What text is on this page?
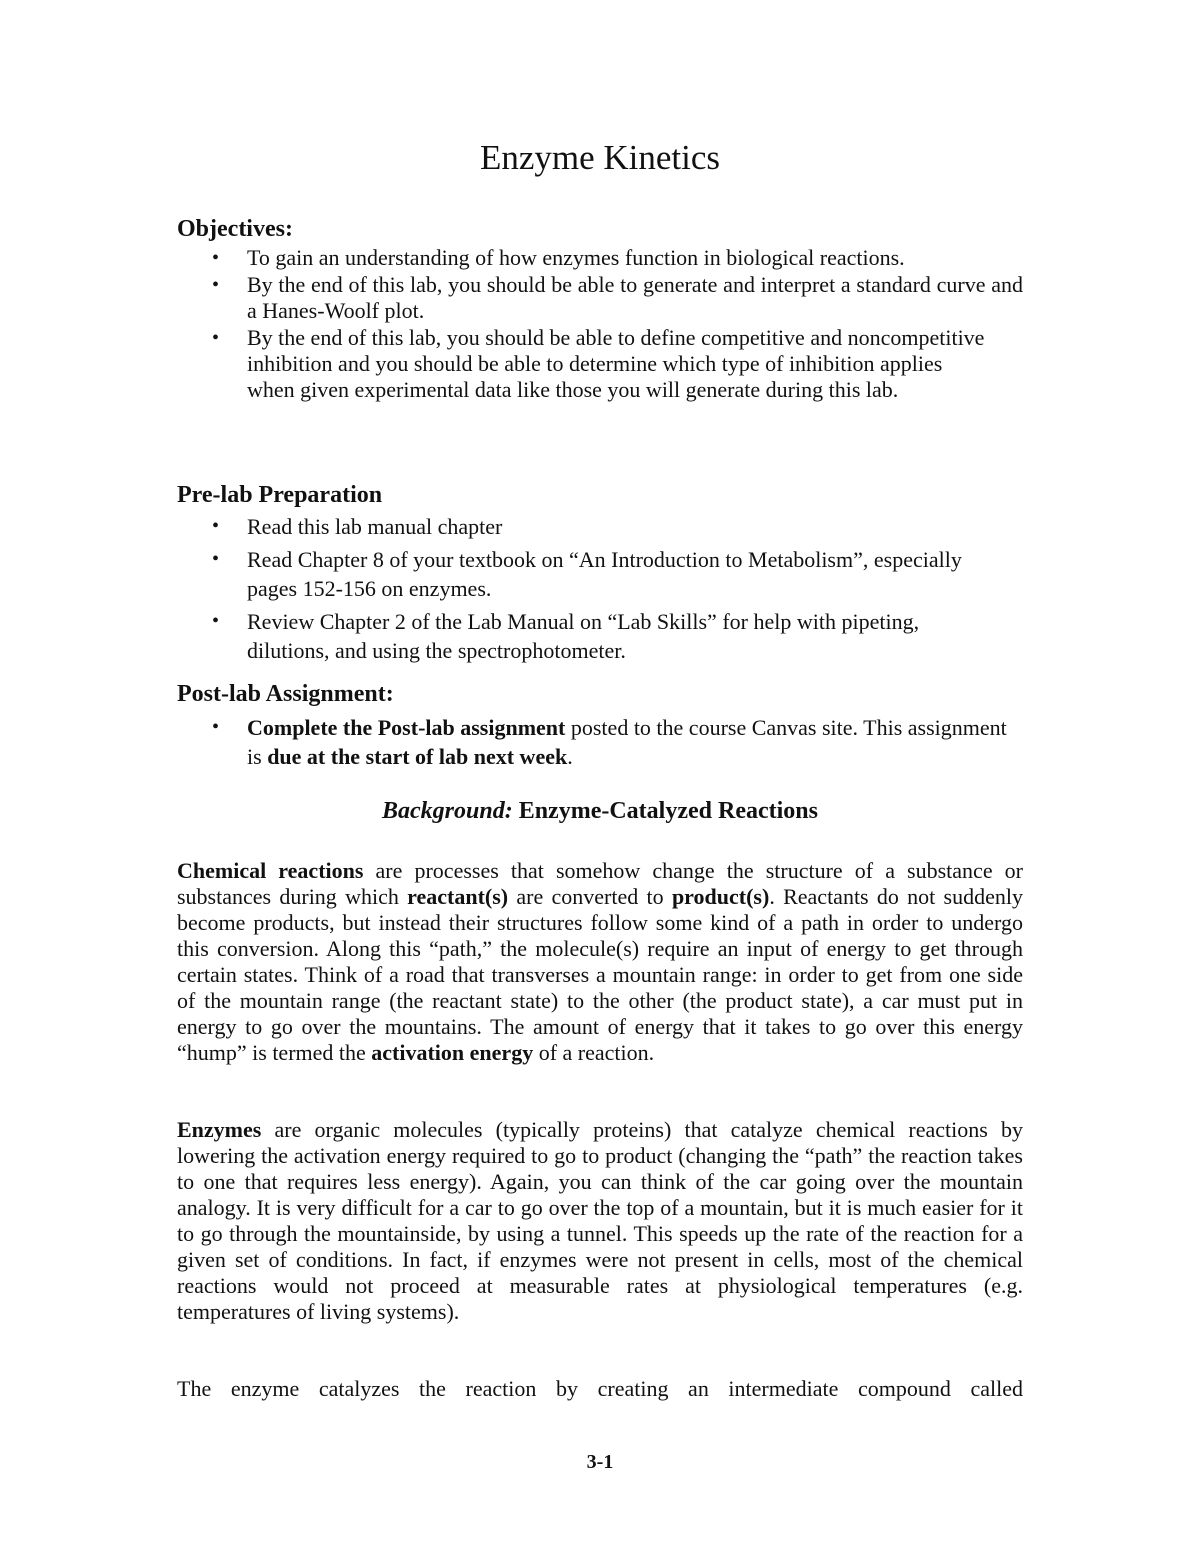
Enzyme Kinetics
Objectives:
• To gain an understanding of how enzymes function in biological reactions.
• By the end of this lab, you should be able to generate and interpret a standard curve and a Hanes-Woolf plot.
• By the end of this lab, you should be able to define competitive and noncompetitive inhibition and you should be able to determine which type of inhibition applies when given experimental data like those you will generate during this lab.
Pre-lab Preparation
• Read this lab manual chapter
• Read Chapter 8 of your textbook on “An Introduction to Metabolism”, especially pages 152-156 on enzymes.
• Review Chapter 2 of the Lab Manual on “Lab Skills” for help with pipeting, dilutions, and using the spectrophotometer.
Post-lab Assignment:
• Complete the Post-lab assignment posted to the course Canvas site. This assignment is due at the start of lab next week.
Background: Enzyme-Catalyzed Reactions

Chemical reactions are processes that somehow change the structure of a substance or substances during which reactant(s) are converted to product(s). Reactants do not suddenly become products, but instead their structures follow some kind of a path in order to undergo this conversion. Along this “path,” the molecule(s) require an input of energy to get through certain states. Think of a road that transverses a mountain range: in order to get from one side of the mountain range (the reactant state) to the other (the product state), a car must put in energy to go over the mountains. The amount of energy that it takes to go over this energy “hump” is termed the activation energy of a reaction.

Enzymes are organic molecules (typically proteins) that catalyze chemical reactions by lowering the activation energy required to go to product (changing the “path” the reaction takes to one that requires less energy). Again, you can think of the car going over the mountain analogy. It is very difficult for a car to go over the top of a mountain, but it is much easier for it to go through the mountainside, by using a tunnel. This speeds up the rate of the reaction for a given set of conditions. In fact, if enzymes were not present in cells, most of the chemical reactions would not proceed at measurable rates at physiological temperatures (e.g. temperatures of living systems).

The enzyme catalyzes the reaction by creating an intermediate compound called

3-1
